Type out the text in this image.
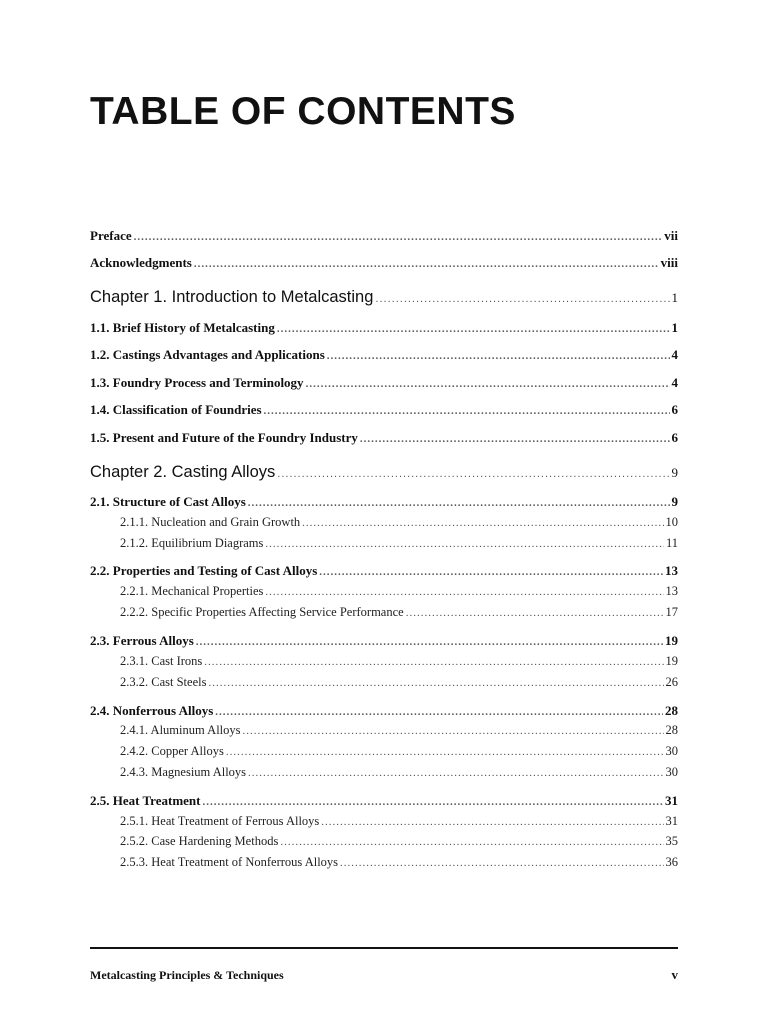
TABLE OF CONTENTS
Preface .....	vii
Acknowledgments .....	viii
Chapter 1. Introduction to Metalcasting .....	1
1.1. Brief History of Metalcasting .....	1
1.2. Castings Advantages and Applications .....	4
1.3. Foundry Process and Terminology .....	4
1.4. Classification of Foundries .....	6
1.5. Present and Future of the Foundry Industry .....	6
Chapter 2. Casting Alloys .....	9
2.1. Structure of Cast Alloys .....	9
2.1.1. Nucleation and Grain Growth .....	10
2.1.2. Equilibrium Diagrams .....	11
2.2. Properties and Testing of Cast Alloys .....	13
2.2.1. Mechanical Properties .....	13
2.2.2. Specific Properties Affecting Service Performance .....	17
2.3. Ferrous Alloys .....	19
2.3.1. Cast Irons .....	19
2.3.2. Cast Steels .....	26
2.4. Nonferrous Alloys .....	28
2.4.1. Aluminum Alloys .....	28
2.4.2. Copper Alloys .....	30
2.4.3. Magnesium Alloys .....	30
2.5. Heat Treatment .....	31
2.5.1. Heat Treatment of Ferrous Alloys .....	31
2.5.2. Case Hardening Methods .....	35
2.5.3. Heat Treatment of Nonferrous Alloys .....	36
Metalcasting Principles & Techniques	v
